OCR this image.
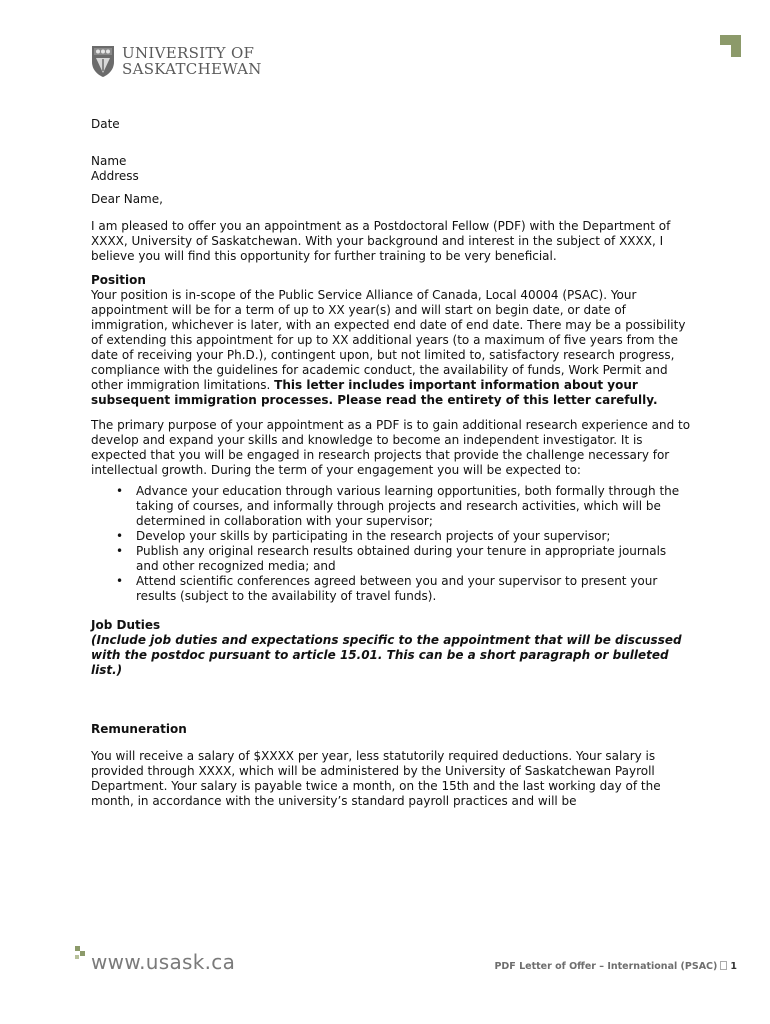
UNIVERSITY OF
SASKATCHEWAN

Date

Name

Address

Dear Name,

I am pleased to offer you an appointment as a Postdoctoral Fellow (PDF) with the Department of XXXX, University of Saskatchewan. With your background and interest in the subject of XXXX, I believe you will find this opportunity for further training to be very beneficial.

Position

Your position is in-scope of the Public Service Alliance of Canada, Local 40004 (PSAC). Your appointment will be for a term of up to XX year(s) and will start on begin date, or date of immigration, whichever is later, with an expected end date of end date. There may be a possibility of extending this appointment for up to XX additional years (to a maximum of five years from the date of receiving your Ph.D.), contingent upon, but not limited to, satisfactory research progress, compliance with the guidelines for academic conduct, the availability of funds, Work Permit and other immigration limitations. This letter includes important information about your subsequent immigration processes. Please read the entirety of this letter carefully.

The primary purpose of your appointment as a PDF is to gain additional research experience and to develop and expand your skills and knowledge to become an independent investigator. It is expected that you will be engaged in research projects that provide the challenge necessary for intellectual growth. During the term of your engagement you will be expected to:

• Advance your education through various learning opportunities, both formally through the taking of courses, and informally through projects and research activities, which will be determined in collaboration with your supervisor;
• Develop your skills by participating in the research projects of your supervisor;
• Publish any original research results obtained during your tenure in appropriate journals and other recognized media; and
• Attend scientific conferences agreed between you and your supervisor to present your results (subject to the availability of travel funds).
Job Duties

(Include job duties and expectations specific to the appointment that will be discussed with the postdoc pursuant to article 15.01. This can be a short paragraph or bulleted list.)

Remuneration

You will receive a salary of $XXXX per year, less statutorily required deductions. Your salary is provided through XXXX, which will be administered by the University of Saskatchewan Payroll Department. Your salary is payable twice a month, on the 15th and the last working day of the month, in accordance with the university’s standard payroll practices and will be

www.usask.ca	PDF Letter of Offer – International (PSAC) 1
